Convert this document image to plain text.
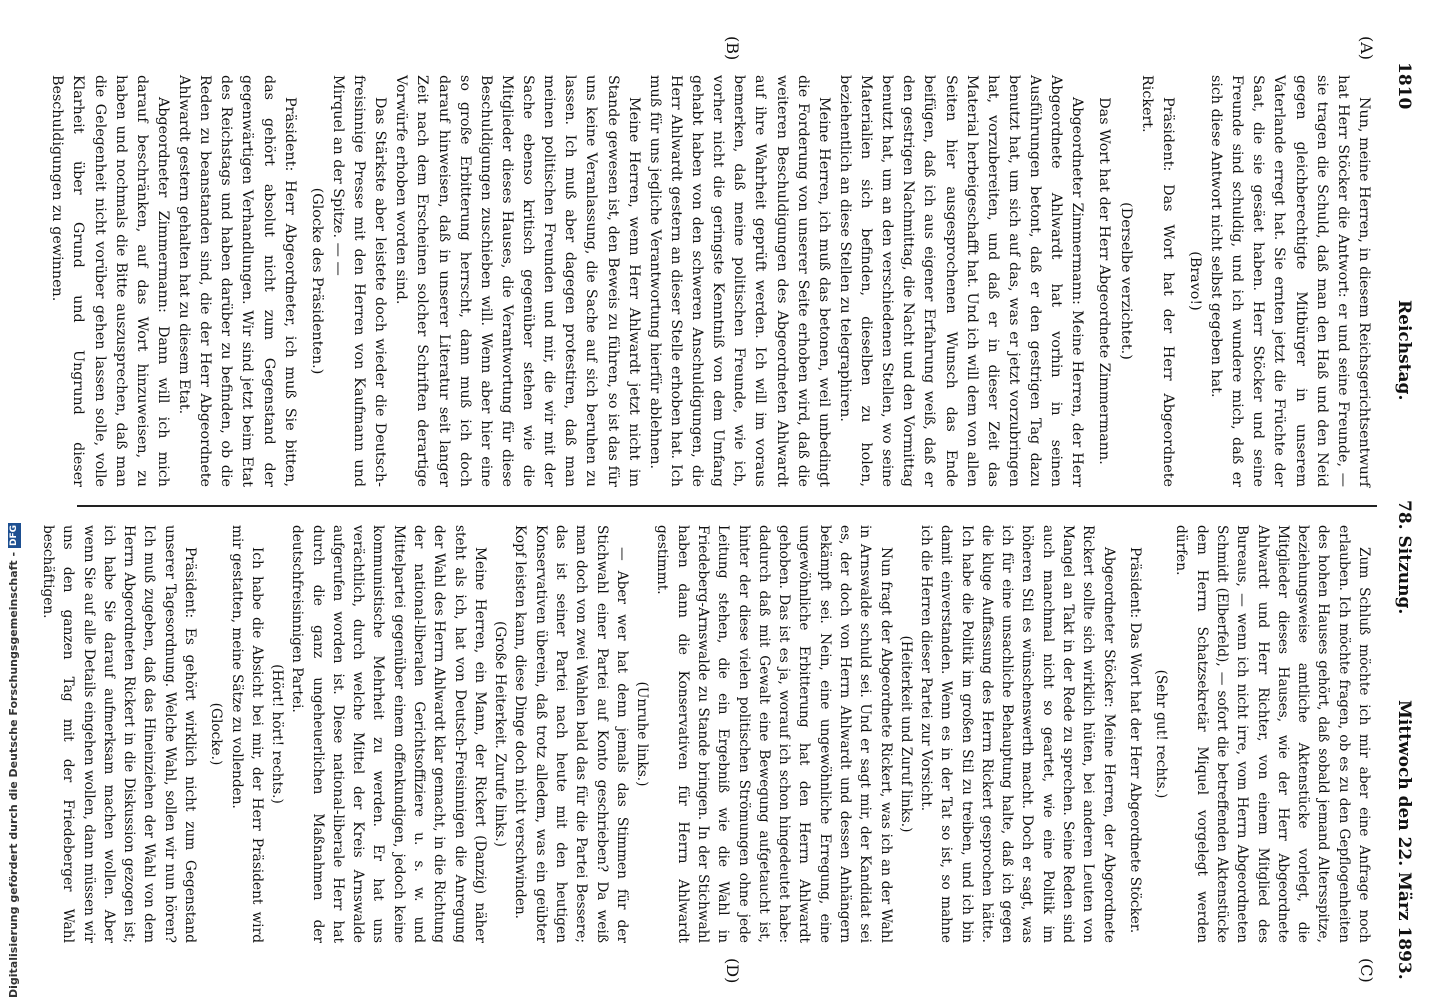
1810
Reichstag.
78. Sitzung.
Mittwoch den 22. März 1893.
(A)
(B)
(C)
(D)

Nun, meine Herren, in diesem Reichsgerichtsentwurf hat Herr Stöcker die Antwort: er und seine Freunde, — sie tragen die Schuld, daß man den Haß und den Neid gegen gleichberechtigte Mitbürger in unserem Vaterlande erregt hat. Sie ernten jetzt die Früchte der Saat, die sie gesäet haben. Herr Stöcker und seine Freunde sind schuldig, und ich wundere mich, daß er sich diese Antwort nicht selbst gegeben hat.

(Bravo!)

Präsident: Das Wort hat der Herr Abgeordnete Rickert.

(Derselbe verzichtet.)

Das Wort hat der Herr Abgeordnete Zimmermann.

Abgeordneter Zimmermann: Meine Herren, der Herr Abgeordnete Ahlwardt hat vorhin in seinen Ausführungen betont, daß er den gestrigen Tag dazu benutzt hat, um sich auf das, was er jetzt vorzubringen hat, vorzubereiten, und daß er in dieser Zeit das Material herbeigeschafft hat. Und ich will dem von allen Seiten hier ausgesprochenen Wunsch das Ende beifügen, daß ich aus eigener Erfahrung weiß, daß er den gestrigen Nachmittag, die Nacht und den Vormittag benutzt hat, um an den verschiedenen Stellen, wo seine Materialien sich befinden, dieselben zu holen, beziehentlich an diese Stellen zu telegraphiren.

Meine Herren, ich muß das betonen, weil unbedingt die Forderung von unserer Seite erhoben wird, daß die weiteren Beschuldigungen des Abgeordneten Ahlwardt auf ihre Wahrheit geprüft werden. Ich will im voraus bemerken, daß meine politischen Freunde, wie ich, vorher nicht die geringste Kenntniß von dem Umfang gehabt haben von den schweren Anschuldigungen, die Herr Ahlwardt gestern an dieser Stelle erhoben hat. Ich muß für uns jegliche Verantwortung hierfür ablehnen.

Meine Herren, wenn Herr Ahlwardt jetzt nicht im Stande gewesen ist, den Beweis zu führen, so ist das für uns keine Veranlassung, die Sache auf sich beruhen zu lassen. Ich muß aber dagegen protestiren, daß man meinen politischen Freunden und mir, die wir mit der Sache ebenso kritisch gegenüber stehen wie die Mitglieder dieses Hauses, die Verantwortung für diese Beschuldigungen zuschieben will. Wenn aber hier eine so große Erbitterung herrscht, dann muß ich doch darauf hinweisen, daß in unserer Literatur seit langer Zeit nach dem Erscheinen solcher Schriften derartige Vorwürfe erhoben worden sind.

Das Stärkste aber leistete doch wieder die Deutsch-freisinnige Presse mit den Herren von Kaufmann und Mirquel an der Spitze. — —

(Glocke des Präsidenten.)

Präsident: Herr Abgeordneter, ich muß Sie bitten, das gehört absolut nicht zum Gegenstand der gegenwärtigen Verhandlungen. Wir sind jetzt beim Etat des Reichstags und haben darüber zu befinden, ob die Reden zu beanstanden sind, die der Herr Abgeordnete Ahlwardt gestern gehalten hat zu diesem Etat.

Abgeordneter Zimmermann: Dann will ich mich darauf beschränken, auf das Wort hinzuweisen, zu haben und nochmals die Bitte auszusprechen, daß man die Gelegenheit nicht vorüber gehen lassen solle, volle Klarheit über Grund und Ungrund dieser Beschuldigungen zu gewinnen.

Zum Schluß möchte ich mir aber eine Anfrage noch erlauben. Ich möchte fragen, ob es zu den Gepflogenheiten des hohen Hauses gehört, daß sobald jemand Altersspitze, beziehungsweise amtliche Aktenstücke vorlegt, die Mitglieder dieses Hauses, wie der Herr Abgeordnete Ahlwardt und Herr Richter, von einem Mitglied des Bureaus, — wenn ich nicht irre, vom Herrn Abgeordneten Schmidt (Elberfeld), — sofort die betreffenden Aktenstücke dem Herrn Schatzsekretär Miquel vorgelegt werden dürfen.

(Sehr gut! rechts.)

Präsident: Das Wort hat der Herr Abgeordnete Stöcker.

Abgeordneter Stöcker: Meine Herren, der Abgeordnete Rickert sollte sich wirklich hüten, bei anderen Leuten von Mangel an Takt in der Rede zu sprechen. Seine Reden sind auch manchmal nicht so geartet, wie eine Politik im höheren Stil es wünschenswerth macht. Doch er sagt, was ich für eine unsachliche Behauptung halte, daß ich gegen die kluge Auffassung des Herrn Rickert gesprochen hätte. Ich habe die Politik im großen Stil zu treiben, und ich bin damit einverstanden. Wenn es in der Tat so ist, so mahne ich die Herren dieser Partei zur Vorsicht.

(Heiterkeit und Zuruf links.)

Nun fragt der Abgeordnete Rickert, was ich an der Wahl in Arnswalde schuld sei. Und er sagt mir, der Kandidat sei es, der doch von Herrn Ahlwardt und dessen Anhängern bekämpft sei. Nein, eine ungewöhnliche Erregung, eine ungewöhnliche Erbitterung hat den Herrn Ahlwardt gehoben. Das ist es ja, worauf ich schon hingedeutet habe: dadurch daß mit Gewalt eine Bewegung aufgetaucht ist, hinter der diese vielen politischen Strömungen ohne jede Leitung stehen, die ein Ergebniß wie die Wahl in Friedeberg-Arnswalde zu Stande bringen. In der Stichwahl haben dann die Konservativen für Herrn Ahlwardt gestimmt.

(Unruhe links.)

— Aber wer hat denn jemals das Stimmen für der Stichwahl einer Partei auf Konto geschrieben? Da weiß man doch von zwei Wahlen bald das für die Partei Bessere; das ist seiner Partei nach heute mit den heutigen Konservativen überein, daß trotz alledem, was ein geübter Kopf leisten kann, diese Dinge doch nicht verschwinden.

(Große Heiterkeit. Zurufe links.)

Meine Herren, ein Mann, der Rickert (Danzig) näher steht als ich, hat von Deutsch-Freisinnigen die Anregung der Wahl des Herrn Ahlwardt klar gemacht, in die Richtung der national-liberalen Gerichtsoffiziere u. s. w. und Mittelpartei gegenüber einem offenkundigen, jedoch keine kommunistische Mehrheit zu werden. Er hat uns verächtlich, durch welche Mittel der Kreis Arnswalde aufgerufen worden ist. Diese national-liberale Herr hat durch die ganz ungeheuerlichen Maßnahmen der deutschfreisinnigen Partei.

(Hört! hört! rechts.)

Ich habe die Absicht bei mir, der Herr Präsident wird mir gestatten, meine Sätze zu vollenden.

(Glocke.)

Präsident: Es gehört wirklich nicht zum Gegenstand unserer Tagesordnung. Welche Wahl, sollen wir nun hören? Ich muß zugeben, daß das Hineinziehen der Wahl von dem Herrn Abgeordneten Rickert in die Diskussion gezogen ist; ich habe Sie darauf aufmerksam machen wollen. Aber wenn Sie auf alle Details eingehen wollen, dann müssen wir uns den ganzen Tag mit der Friedeberger Wahl beschäftigen.

Digitalisierung gefördert durch die Deutsche Forschungsgemeinschaft -DFG
